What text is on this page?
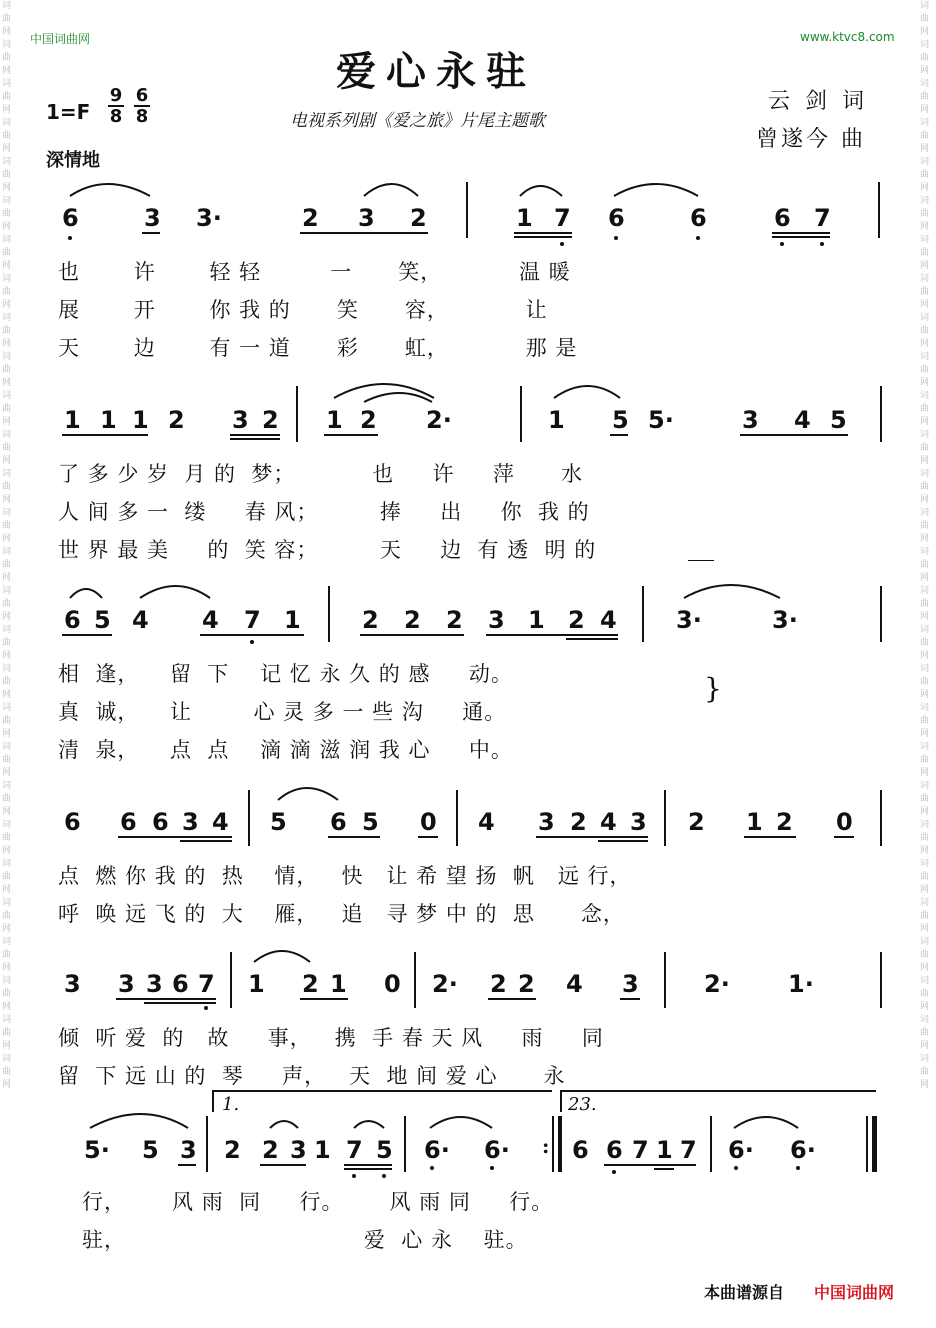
词曲网词曲网词曲网词曲网词曲网词曲网词曲网词曲网词曲网词曲网词曲网词曲网词曲网词曲网词曲网词曲网词曲网词曲网词曲网词曲网词曲网词曲网词曲网词曲网词曲网词曲网词曲网词曲网
词曲网词曲网词曲网词曲网词曲网词曲网词曲网词曲网词曲网词曲网词曲网词曲网词曲网词曲网词曲网词曲网词曲网词曲网词曲网词曲网词曲网词曲网词曲网词曲网词曲网词曲网词曲网词曲网
中国词曲网	www.ktvc8.com
爱心永驻
1=F
9
8
6
8	电视系列剧《爱之旅》片尾主题歌
云 剑 词
曾遂今 曲
深情地
6	3 3·	2 3 2	1 7 6	6	6 7
也       许       轻 轻         一      笑，          温 暖
展       开       你 我 的      笑      容，          让
天       边       有 一 道      彩      虹，          那 是
1 1 1 2 3 2 1 2 2·	1 5 5·	3 4 5
了 多 少 岁  月 的  梦；          也     许     萍      水
人 间 多 一  缕     春 风；        捧     出     你  我 的
世 界 最 美     的  笑 容；        天     边  有 透  明 的
6 5 4 4 7 1	2 2 2 3 1 2 4 3·	3·
相  逢，    留  下    记 忆 永 久 的 感     动。
真  诚，    让        心 灵 多 一 些 沟     通。
清  泉，    点  点    滴 滴 滋 润 我 心     中。
}
6 6 6 3 4 5 6 5 0 4 3 2 4 3 2 1 2 0
点  燃 你 我 的  热    情，   快   让 希 望 扬  帆   远 行，
呼  唤 远 飞 的  大    雁，   追   寻 梦 中 的  思      念，
3 3 3 6 7 1 2 1 0 2· 2 2 4 3	2· 1·
倾  听 爱  的   故     事，   携  手 春 天 风     雨     同
留  下 远 山 的  琴     声，   天  地 间 爱 心      永
1.	23.
5· 5 3 2 2 3 1 7 5 6· 6· : 6 6 7 1 7 6· 6·
行，      风 雨  同     行。      风 雨 同     行。
驻，                               爱  心 永    驻。
本曲谱源自 中国词曲网
